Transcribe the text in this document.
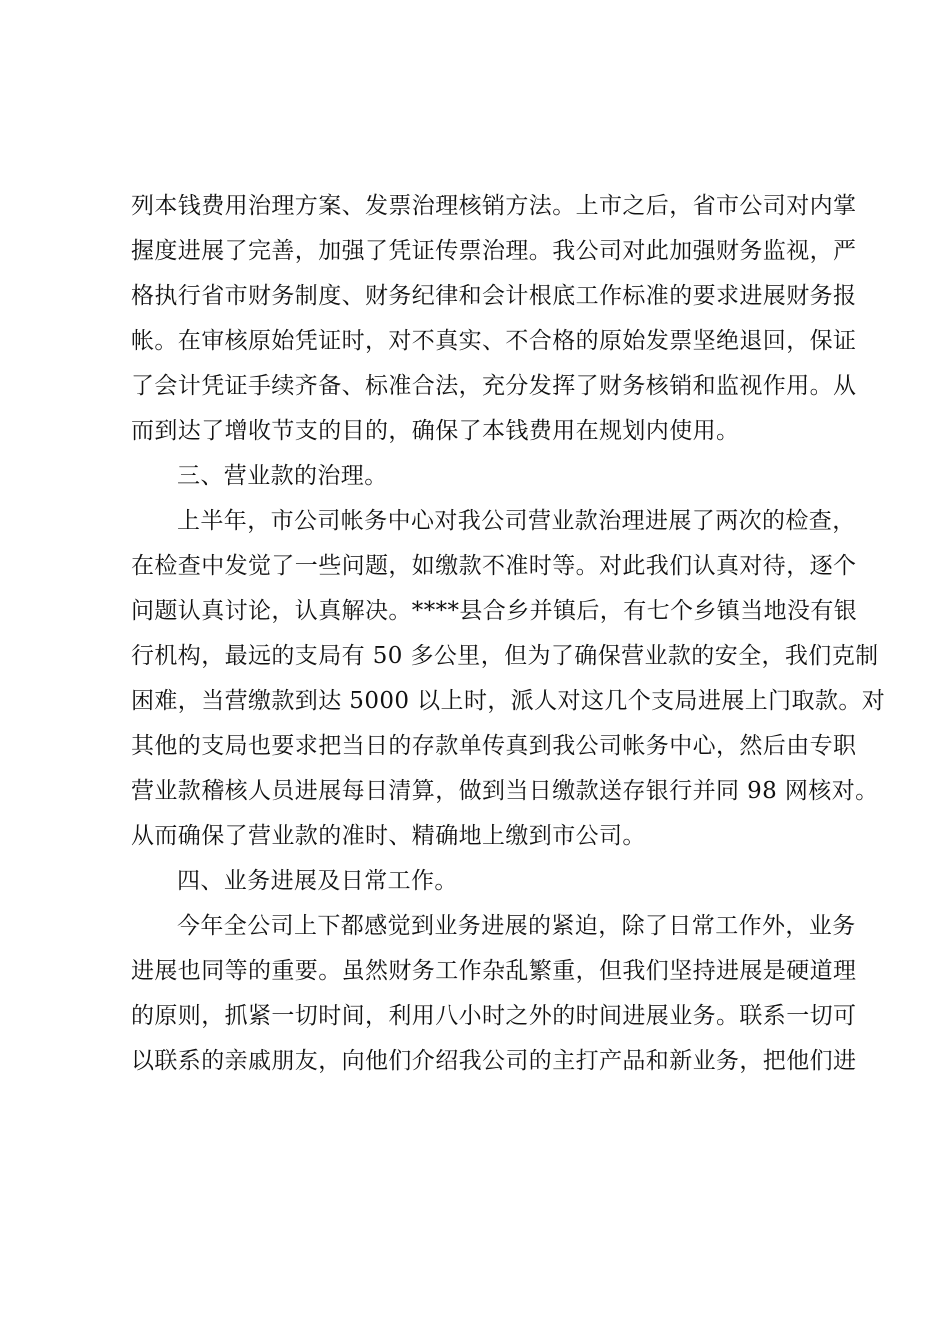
列本钱费用治理方案、发票治理核销方法。上市之后，省市公司对内掌
握度进展了完善，加强了凭证传票治理。我公司对此加强财务监视，严
格执行省市财务制度、财务纪律和会计根底工作标准的要求进展财务报
帐。在审核原始凭证时，对不真实、不合格的原始发票坚绝退回，保证
了会计凭证手续齐备、标准合法，充分发挥了财务核销和监视作用。从
而到达了增收节支的目的，确保了本钱费用在规划内使用。
三、营业款的治理。
上半年，市公司帐务中心对我公司营业款治理进展了两次的检查，
在检查中发觉了一些问题，如缴款不准时等。对此我们认真对待，逐个
问题认真讨论，认真解决。****县合乡并镇后，有七个乡镇当地没有银
行机构，最远的支局有 50 多公里，但为了确保营业款的安全，我们克制
困难，当营缴款到达 5000 以上时，派人对这几个支局进展上门取款。对
其他的支局也要求把当日的存款单传真到我公司帐务中心，然后由专职
营业款稽核人员进展每日清算，做到当日缴款送存银行并同 98 网核对。
从而确保了营业款的准时、精确地上缴到市公司。
四、业务进展及日常工作。
今年全公司上下都感觉到业务进展的紧迫，除了日常工作外，业务
进展也同等的重要。虽然财务工作杂乱繁重，但我们坚持进展是硬道理
的原则，抓紧一切时间，利用八小时之外的时间进展业务。联系一切可
以联系的亲戚朋友，向他们介绍我公司的主打产品和新业务，把他们进
